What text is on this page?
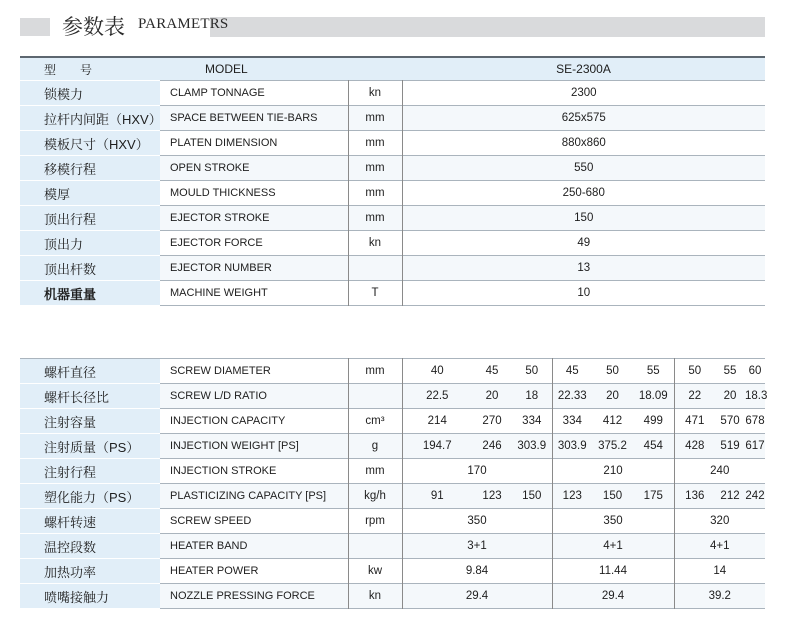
参数表 PARAMETRS
型　　号	MODEL		SE-2300A
锁模力	CLAMP TONNAGE	kn	2300
拉杆内间距（HXV）	SPACE BETWEEN TIE-BARS	mm	625x575
模板尺寸（HXV）	PLATEN DIMENSION	mm	880x860
移模行程	OPEN STROKE	mm	550
模厚	MOULD THICKNESS	mm	250-680
顶出行程	EJECTOR STROKE	mm	150
顶出力	EJECTOR FORCE	kn	49
顶出杆数	EJECTOR NUMBER		13
机器重量	MACHINE WEIGHT	T	10
螺杆直径	SCREW DIAMETER	mm	40	45	50	45	50	55	50	55	60
螺杆长径比	SCREW L/D RATIO		22.5	20	18	22.33	20	18.09	22	20	18.3
注射容量	INJECTION CAPACITY	cm³	214	270	334	334	412	499	471	570	678
注射质量（PS）	INJECTION WEIGHT [PS]	g	194.7	246	303.9	303.9	375.2	454	428	519	617
注射行程	INJECTION STROKE	mm	170			210			240		
塑化能力（PS）	PLASTICIZING CAPACITY [PS]	kg/h	91	123	150	123	150	175	136	212	242
螺杆转速	SCREW SPEED	rpm	350			350			320		
温控段数	HEATER BAND		3+1			4+1			4+1		
加热功率	HEATER POWER	kw	9.84			11.44			14		
喷嘴接触力	NOZZLE PRESSING FORCE	kn	29.4			29.4			39.2		
